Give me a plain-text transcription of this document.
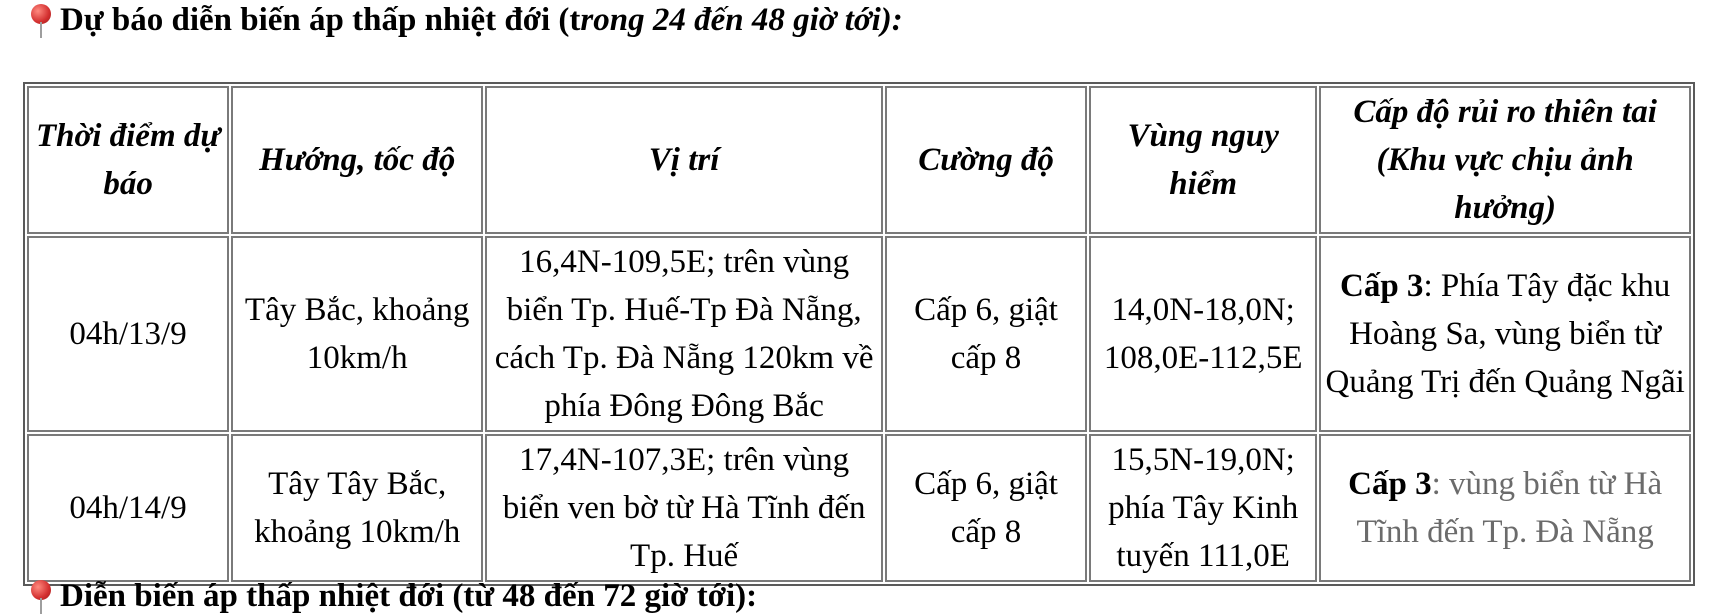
Dự báo diễn biến áp thấp nhiệt đới (t rong 24 đến 48 giờ tới):
Thời điểm dự báo	Hướng, tốc độ	Vị trí	Cường độ	Vùng nguy hiểm	Cấp độ rủi ro thiên tai (Khu vực chịu ảnh hưởng)
04h/13/9	Tây Bắc, khoảng 10km/h	16,4N-109,5E; trên vùng biển Tp. Huế-Tp Đà Nẵng, cách Tp. Đà Nẵng 120km về phía Đông Đông Bắc	Cấp 6, giật cấp 8	14,0N-18,0N; 108,0E-112,5E	Cấp 3: Phía Tây đặc khu Hoàng Sa, vùng biển từ Quảng Trị đến Quảng Ngãi
04h/14/9	Tây Tây Bắc, khoảng 10km/h	17,4N-107,3E; trên vùng biển ven bờ từ Hà Tĩnh đến Tp. Huế	Cấp 6, giật cấp 8	15,5N-19,0N; phía Tây Kinh tuyến 111,0E	Cấp 3: vùng biển từ Hà Tĩnh đến Tp. Đà Nẵng
Diễn biến áp thấp nhiệt đới (từ 48 đến 72 giờ tới):
